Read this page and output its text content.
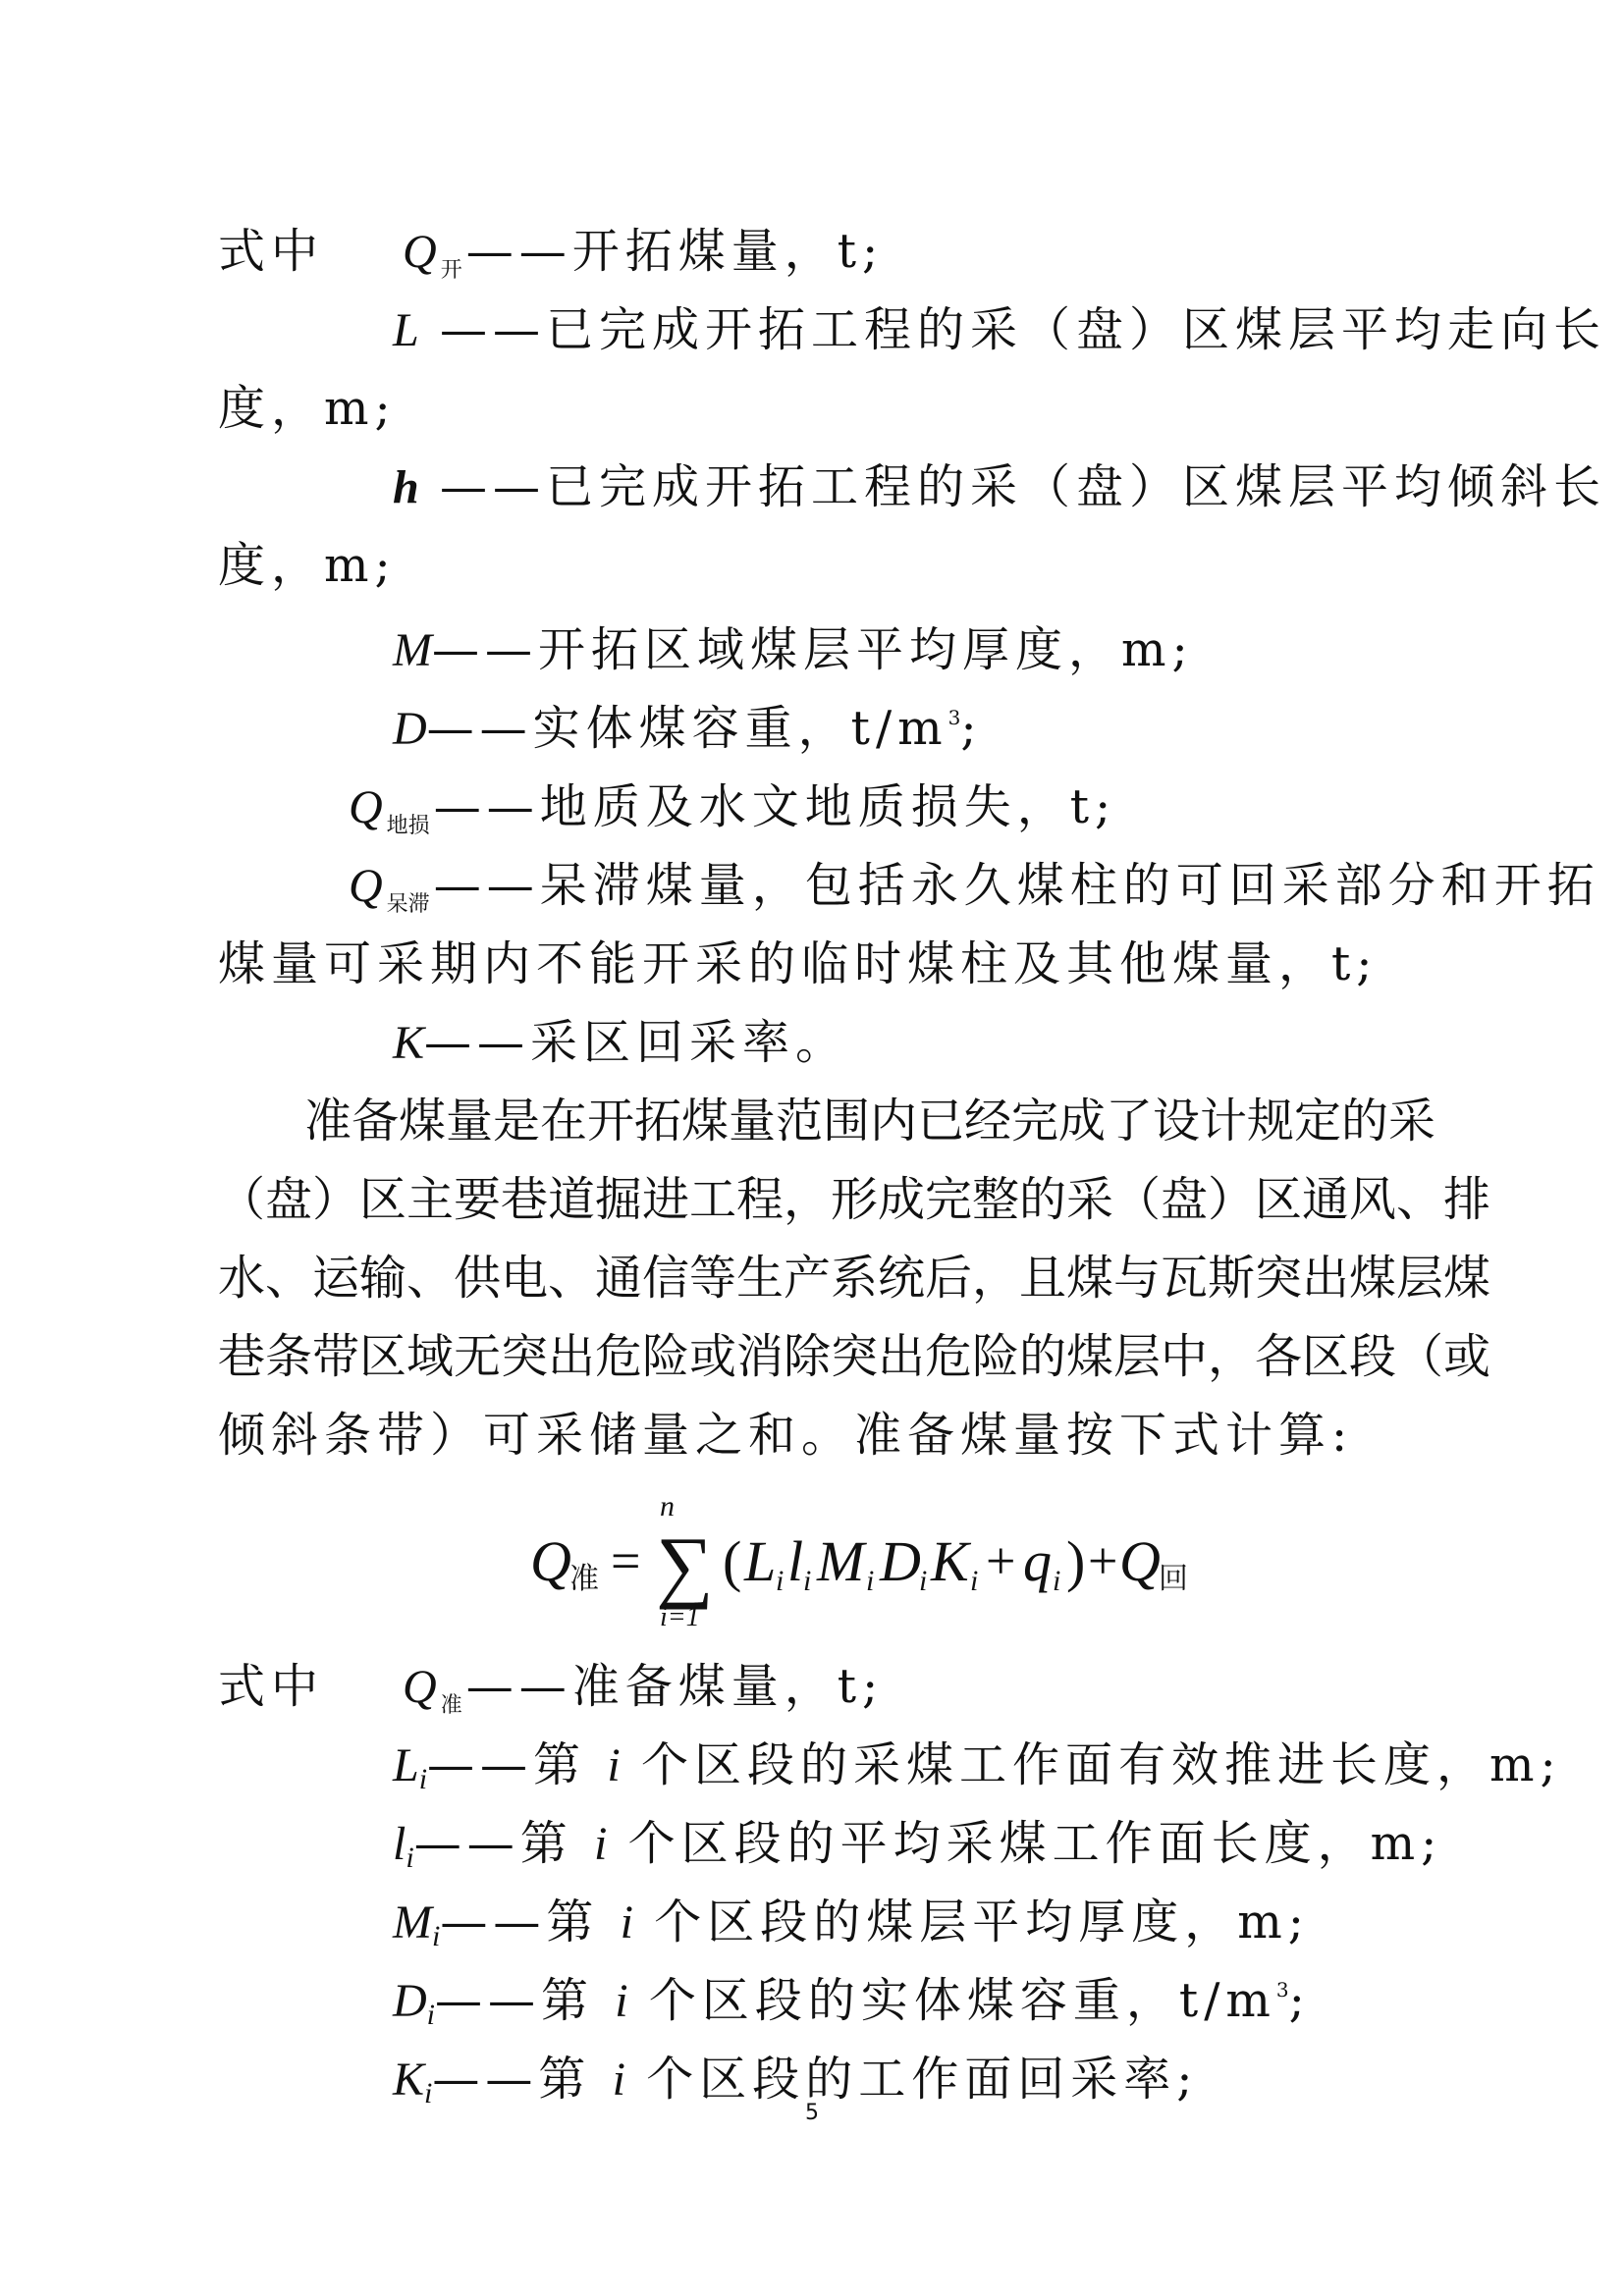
式中 Q $_开$——开拓煤量，t;
L ——已完成开拓工程的采（盘）区煤层平均走向长
度，m;
h ——已完成开拓工程的采（盘）区煤层平均倾斜长
度，m;
M——开拓区域煤层平均厚度，m;
D——实体煤容重，$t/m^3$;
Q $_{地损}$——地质及水文地质损失，t;
Q $_{呆滞}$——呆滞煤量，包括永久煤柱的可回采部分和开拓
煤量可采期内不能开采的临时煤柱及其他煤量，t;
K——采区回采率。
准备煤量是在开拓煤量范围内已经完成了设计规定的采
（盘）区主要巷道掘进工程，形成完整的采（盘）区通风、排
水、运输、供电、通信等生产系统后，且煤与瓦斯突出煤层煤
巷条带区域无突出危险或消除突出危险的煤层中，各区段（或
倾斜条带）可采储量之和。准备煤量按下式计算:
Q
准 =
n
∑
i=1
( L i l i M i D
i K i + q i ) + Q
回
式中 Q $_准$——准备煤量，t;
Li——第 i 个区段的采煤工作面有效推进长度，m;
li——第 i 个区段的平均采煤工作面长度，m;
Mi——第 i 个区段的煤层平均厚度，m;
Di——第 i 个区段的实体煤容重，$t/m^3$;
Ki——第 i 个区段的工作面回采率;
5
